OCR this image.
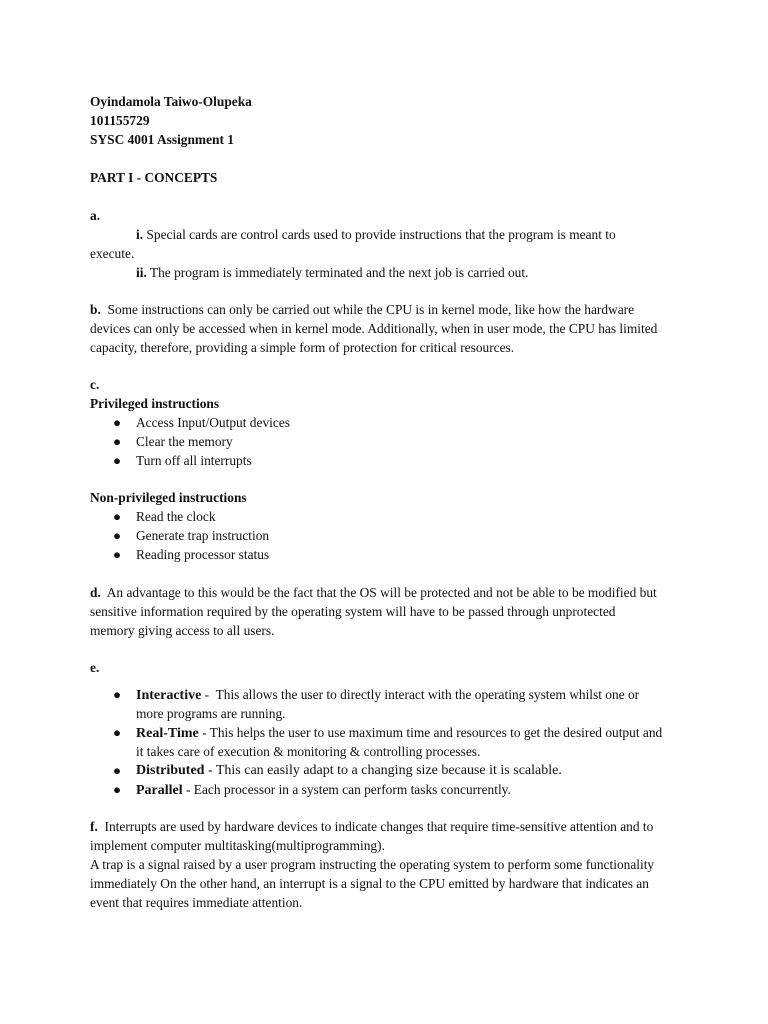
Oyindamola Taiwo-Olupeka
101155729
SYSC 4001 Assignment 1
PART I - CONCEPTS
a.
i. Special cards are control cards used to provide instructions that the program is meant to
execute.
ii. The program is immediately terminated and the next job is carried out.
b.  Some instructions can only be carried out while the CPU is in kernel mode, like how the hardware
devices can only be accessed when in kernel mode. Additionally, when in user mode, the CPU has limited
capacity, therefore, providing a simple form of protection for critical resources.
c.
Privileged instructions
● Access Input/Output devices
● Clear the memory
● Turn off all interrupts
Non-privileged instructions
● Read the clock
● Generate trap instruction
● Reading processor status
d.  An advantage to this would be the fact that the OS will be protected and not be able to be modified but
sensitive information required by the operating system will have to be passed through unprotected
memory giving access to all users.
e.
● Interactive -  This allows the user to directly interact with the operating system whilst one or
more programs are running.
● Real-Time - This helps the user to use maximum time and resources to get the desired output and
it takes care of execution & monitoring & controlling processes.
● Distributed - This can easily adapt to a changing size because it is scalable.
● Parallel - Each processor in a system can perform tasks concurrently.
f.  Interrupts are used by hardware devices to indicate changes that require time-sensitive attention and to
implement computer multitasking(multiprogramming).
A trap is a signal raised by a user program instructing the operating system to perform some functionality
immediately On the other hand, an interrupt is a signal to the CPU emitted by hardware that indicates an
event that requires immediate attention.
